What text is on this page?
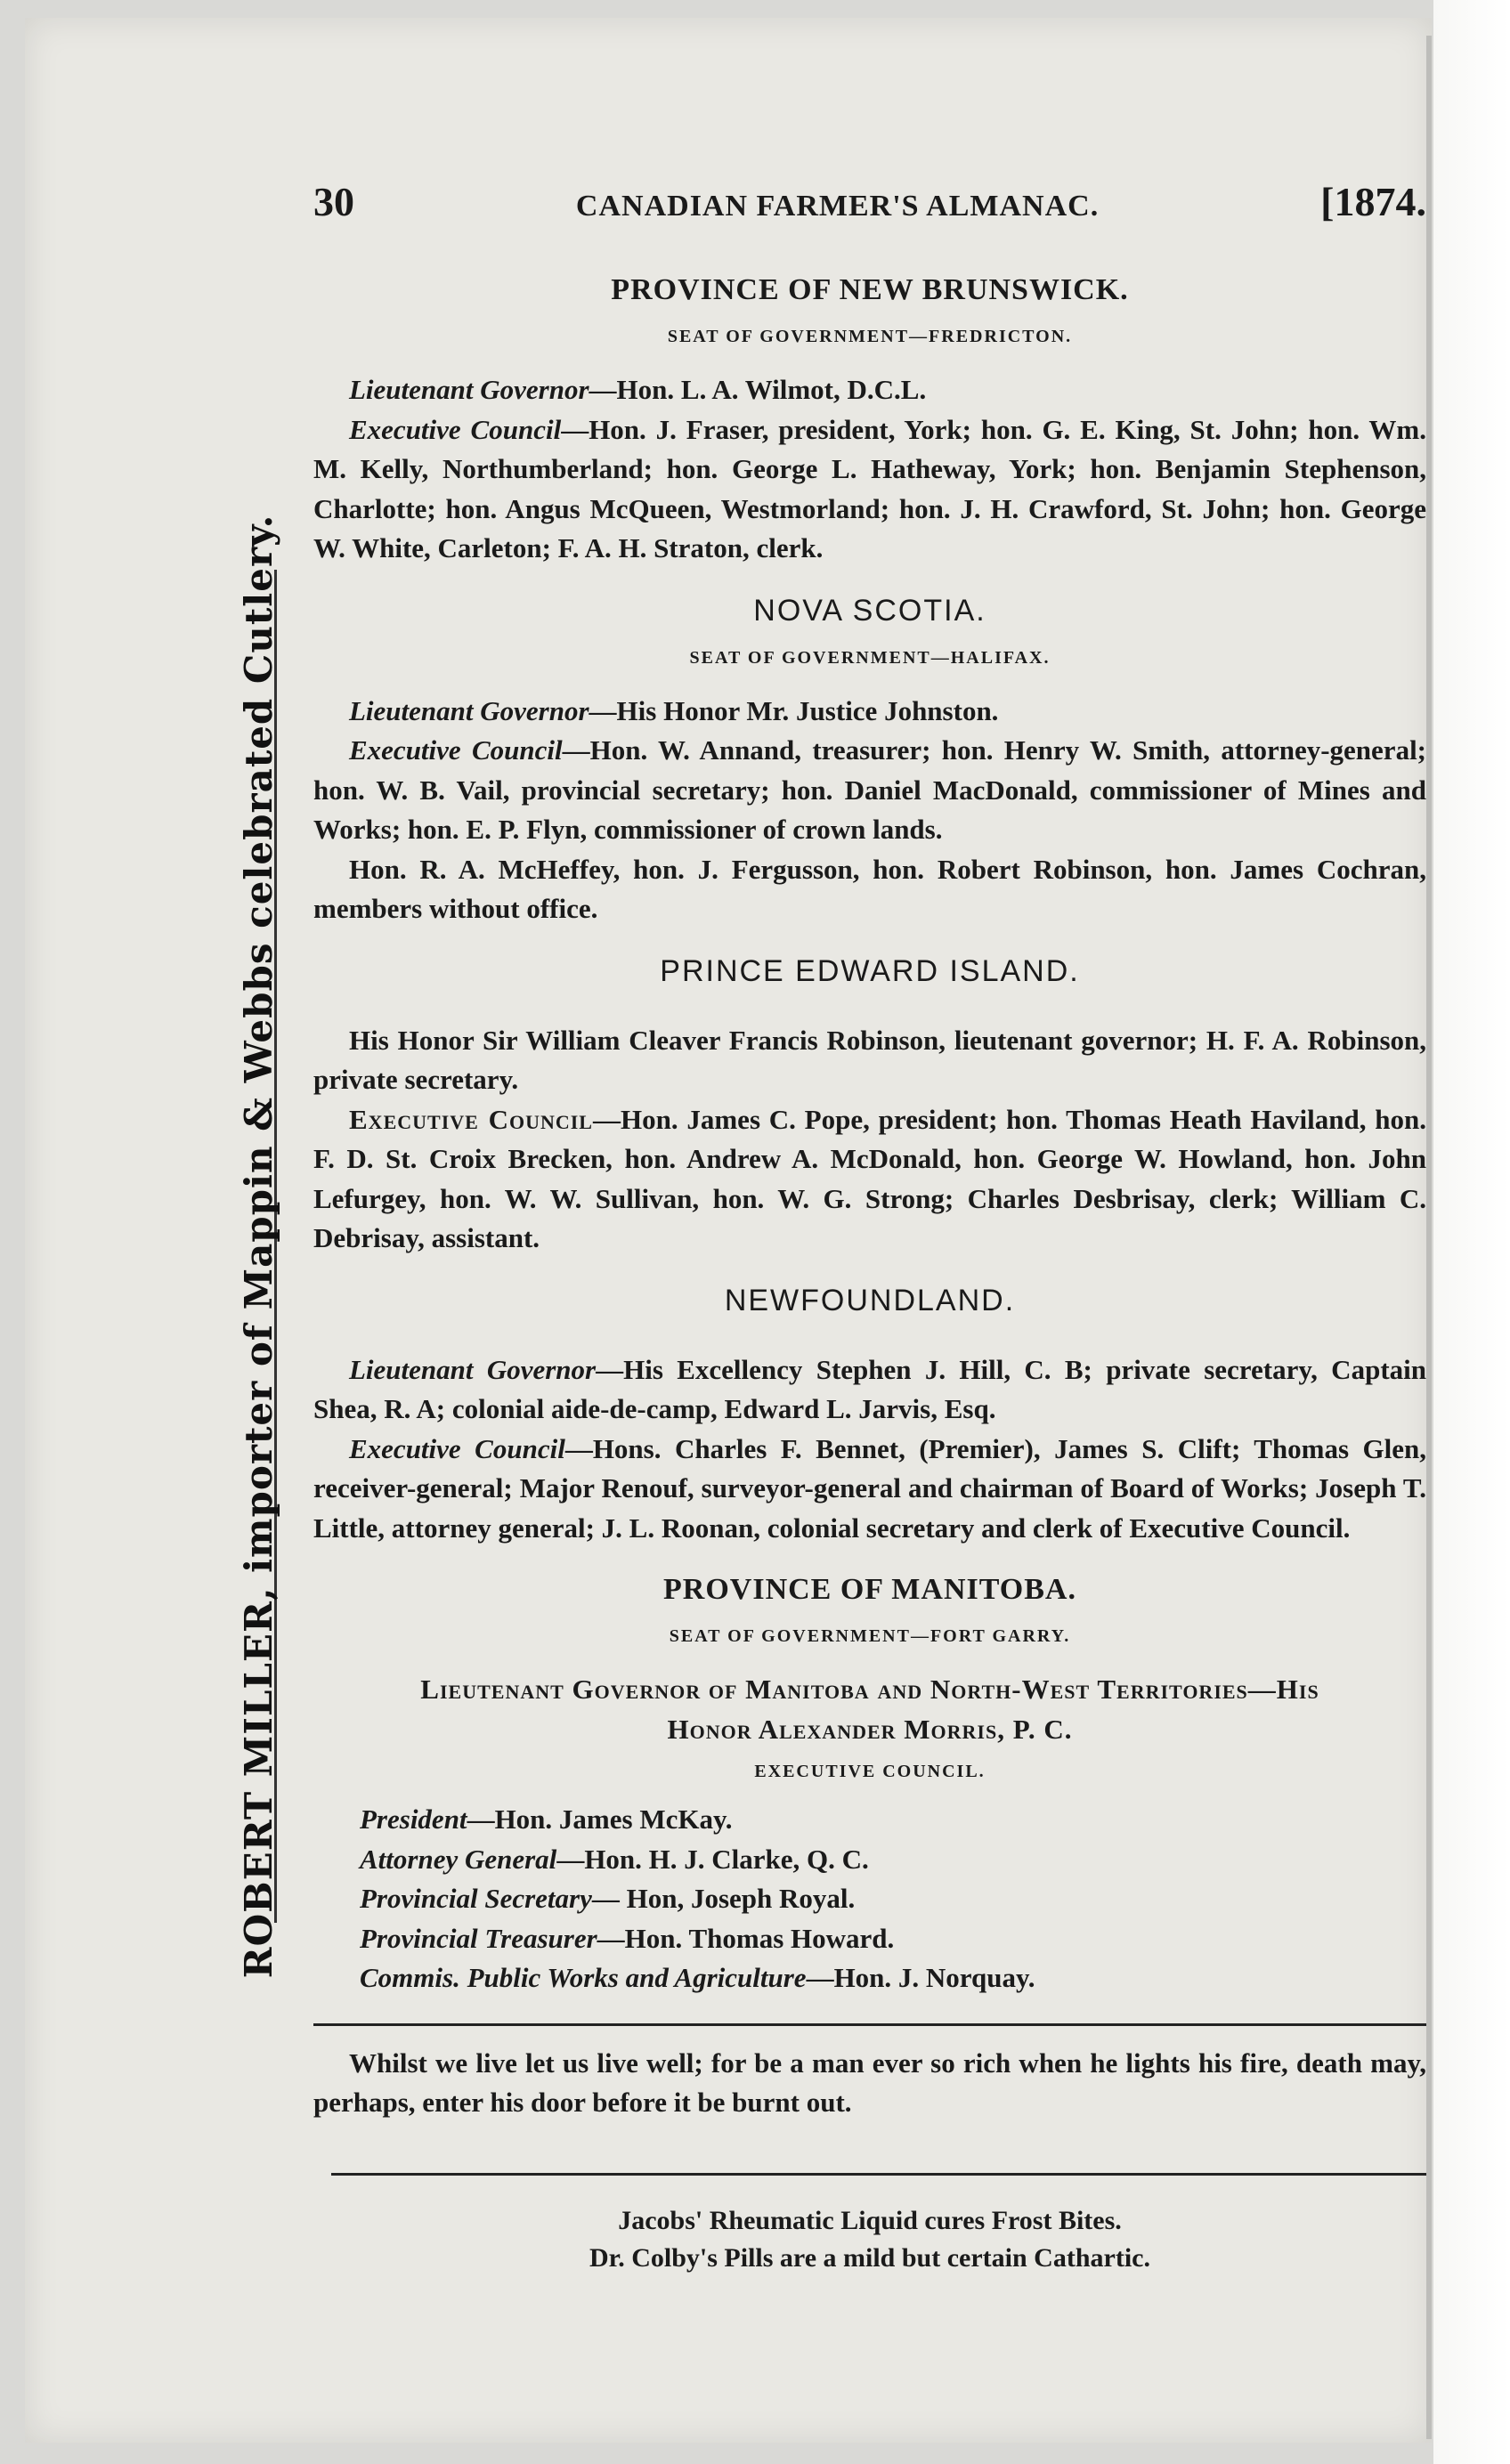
ROBERT MILLER, importer of Mappin & Webbs celebrated Cutlery.
30	CANADIAN FARMER'S ALMANAC.	[1874.
PROVINCE OF NEW BRUNSWICK.
SEAT OF GOVERNMENT—FREDRICTON.

Lieutenant Governor—Hon. L. A. Wilmot, D.C.L.

Executive Council—Hon. J. Fraser, president, York; hon. G. E. King, St. John; hon. Wm. M. Kelly, Northumberland; hon. George L. Hatheway, York; hon. Benjamin Stephenson, Charlotte; hon. Angus McQueen, Westmorland; hon. J. H. Crawford, St. John; hon. George W. White, Carleton; F. A. H. Straton, clerk.

NOVA SCOTIA.
SEAT OF GOVERNMENT—HALIFAX.

Lieutenant Governor—His Honor Mr. Justice Johnston.

Executive Council—Hon. W. Annand, treasurer; hon. Henry W. Smith, attorney-general; hon. W. B. Vail, provincial secretary; hon. Daniel MacDonald, commissioner of Mines and Works; hon. E. P. Flyn, commissioner of crown lands.

Hon. R. A. McHeffey, hon. J. Fergusson, hon. Robert Robinson, hon. James Cochran, members without office.

PRINCE EDWARD ISLAND.

His Honor Sir William Cleaver Francis Robinson, lieutenant governor; H. F. A. Robinson, private secretary.

Executive Council—Hon. James C. Pope, president; hon. Thomas Heath Haviland, hon. F. D. St. Croix Brecken, hon. Andrew A. McDonald, hon. George W. Howland, hon. John Lefurgey, hon. W. W. Sullivan, hon. W. G. Strong; Charles Desbrisay, clerk; William C. Debrisay, assistant.

NEWFOUNDLAND.

Lieutenant Governor—His Excellency Stephen J. Hill, C. B; private secretary, Captain Shea, R. A; colonial aide-de-camp, Edward L. Jarvis, Esq.

Executive Council—Hons. Charles F. Bennet, (Premier), James S. Clift; Thomas Glen, receiver-general; Major Renouf, surveyor-general and chairman of Board of Works; Joseph T. Little, attorney general; J. L. Roonan, colonial secretary and clerk of Executive Council.

PROVINCE OF MANITOBA.
SEAT OF GOVERNMENT—FORT GARRY.

Lieutenant Governor of Manitoba and North-West Territories—His

Honor Alexander Morris, P. C.

EXECUTIVE COUNCIL.

President—Hon. James McKay.

Attorney General—Hon. H. J. Clarke, Q. C.

Provincial Secretary— Hon, Joseph Royal.

Provincial Treasurer—Hon. Thomas Howard.

Commis. Public Works and Agriculture—Hon. J. Norquay.

Whilst we live let us live well; for be a man ever so rich when he lights his fire, death may, perhaps, enter his door before it be burnt out.

Jacobs' Rheumatic Liquid cures Frost Bites.

Dr. Colby's Pills are a mild but certain Cathartic.
